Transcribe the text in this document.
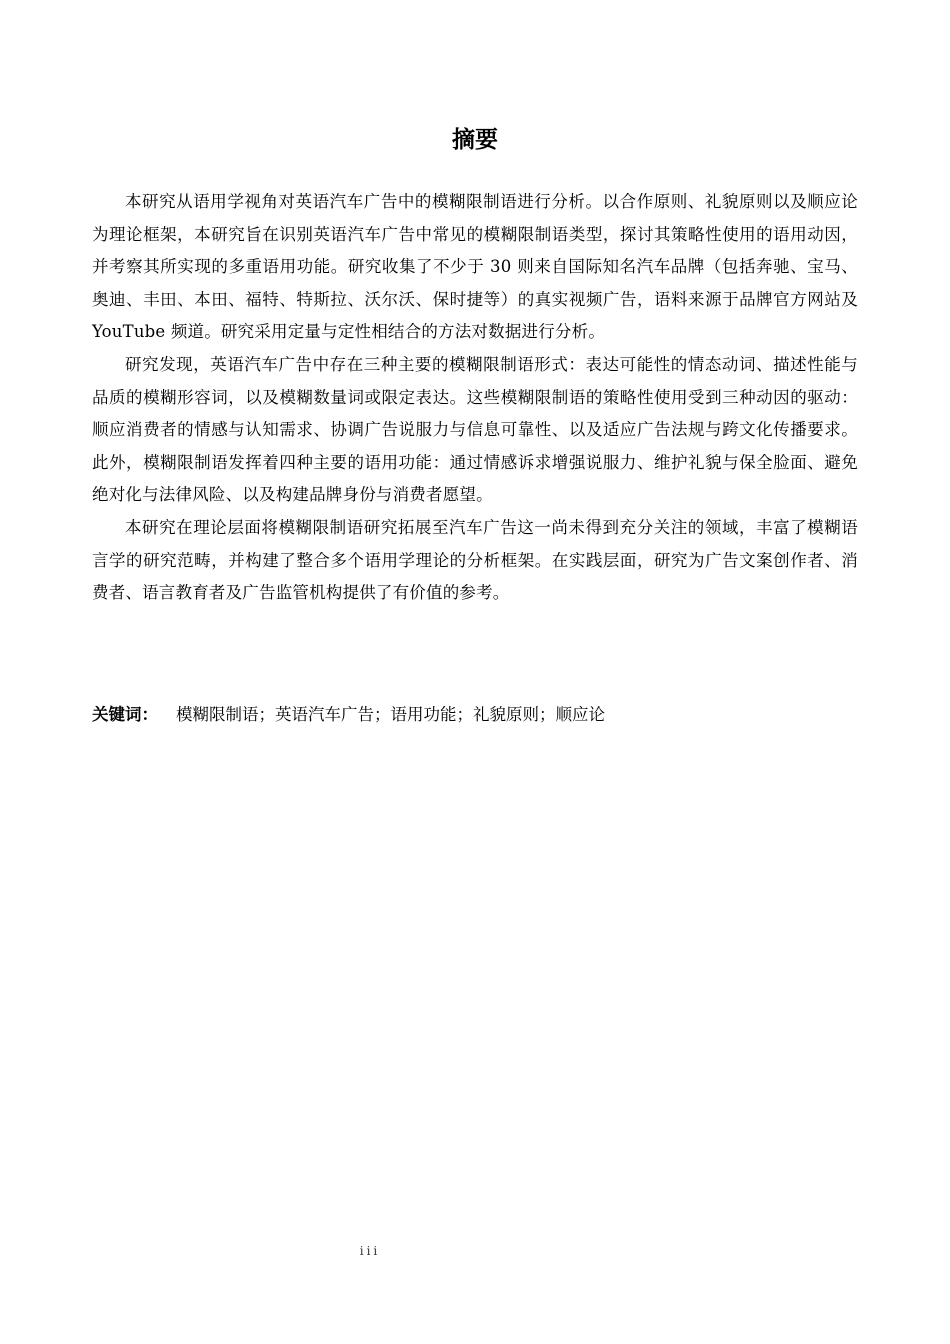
摘要

本研究从语用学视角对英语汽车广告中的模糊限制语进行分析。以合作原则、礼貌原则以及顺应论为理论框架，本研究旨在识别英语汽车广告中常见的模糊限制语类型，探讨其策略性使用的语用动因，并考察其所实现的多重语用功能。研究收集了不少于 30 则来自国际知名汽车品牌（包括奔驰、宝马、奥迪、丰田、本田、福特、特斯拉、沃尔沃、保时捷等）的真实视频广告，语料来源于品牌官方网站及 YouTube 频道。研究采用定量与定性相结合的方法对数据进行分析。

研究发现，英语汽车广告中存在三种主要的模糊限制语形式：表达可能性的情态动词、描述性能与品质的模糊形容词，以及模糊数量词或限定表达。这些模糊限制语的策略性使用受到三种动因的驱动：顺应消费者的情感与认知需求、协调广告说服力与信息可靠性、以及适应广告法规与跨文化传播要求。此外，模糊限制语发挥着四种主要的语用功能：通过情感诉求增强说服力、维护礼貌与保全脸面、避免绝对化与法律风险、以及构建品牌身份与消费者愿望。

本研究在理论层面将模糊限制语研究拓展至汽车广告这一尚未得到充分关注的领域，丰富了模糊语言学的研究范畴，并构建了整合多个语用学理论的分析框架。在实践层面，研究为广告文案创作者、消费者、语言教育者及广告监管机构提供了有价值的参考。

关键词： 模糊限制语；英语汽车广告；语用功能；礼貌原则；顺应论
iii
